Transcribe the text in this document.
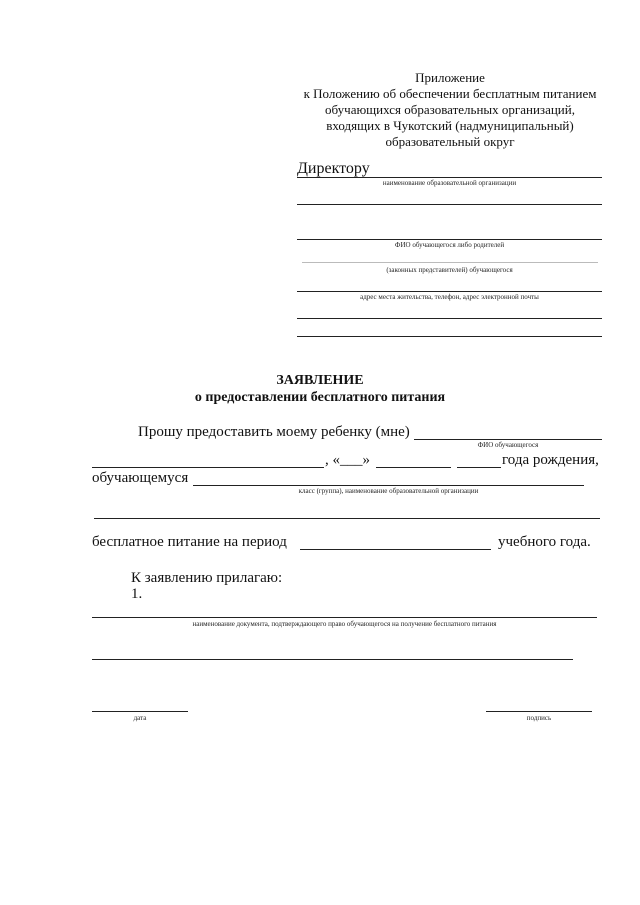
Приложение
к Положению об обеспечении бесплатным питанием
обучающихся образовательных организаций,
входящих в Чукотский (надмуниципальный)
образовательный округ
Директору
наименование образовательной организации
ФИО обучающегося либо родителей
(законных представителей) обучающегося
адрес места жительства, телефон, адрес электронной почты
ЗАЯВЛЕНИЕ
о предоставлении бесплатного питания
Прошу предоставить моему ребенку (мне)
ФИО обучающегося
, «___»	года рождения,
обучающемуся
класс (группа), наименование образовательной организации
бесплатное питание на период	учебного года.
К заявлению прилагаю:
1.
наименование документа, подтверждающего право обучающегося на получение бесплатного питания
дата	подпись
